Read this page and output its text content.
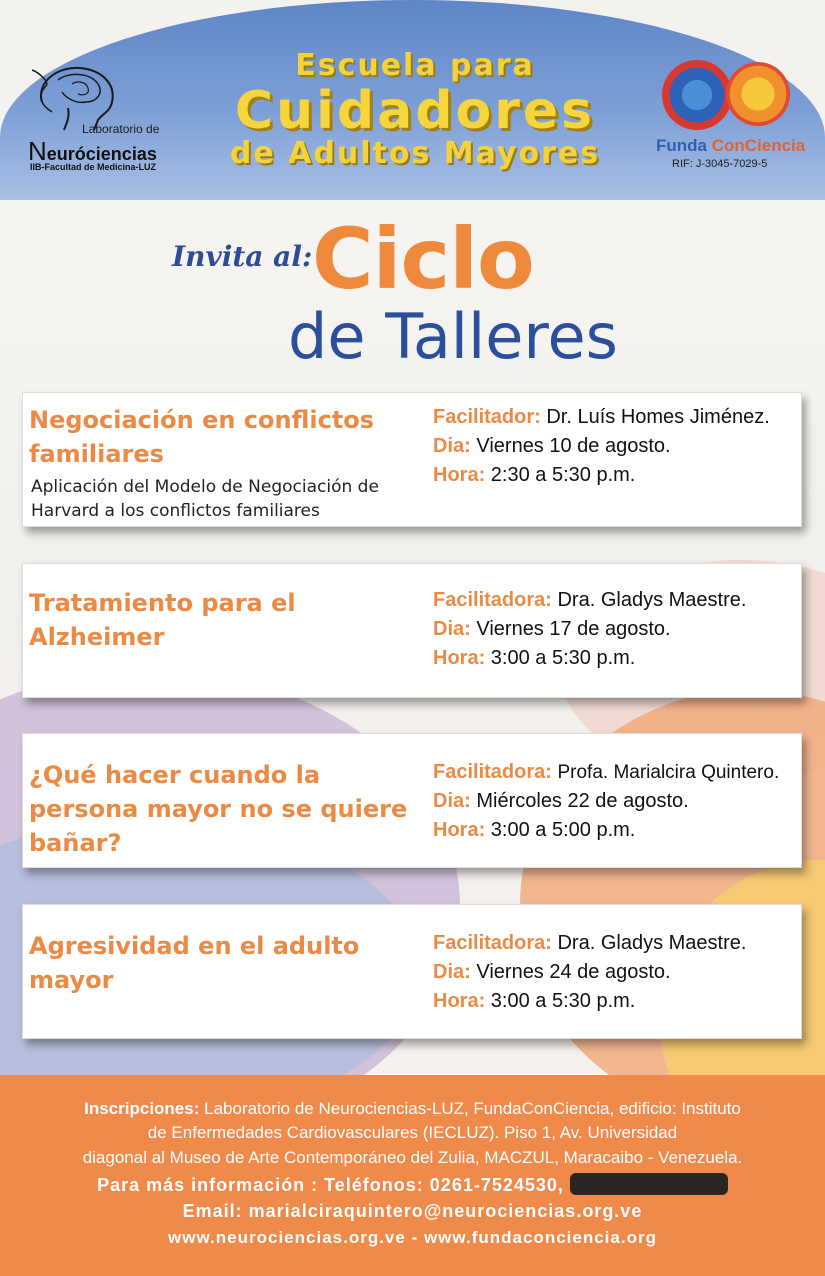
Laboratorio de
Neuróciencias
IIB-Facultad de Medicina-LUZ
Escuela para
Cuidadores
de Adultos Mayores	Funda ConCiencia
RIF: J-3045-7029-5
Invita al: Ciclo
de Talleres
Negociación en conflictos familiares
Aplicación del Modelo de Negociación de Harvard a los conflictos familiares
Facilitador: Dr. Luís Homes Jiménez.
Dia: Viernes 10 de agosto.
Hora: 2:30 a 5:30 p.m.
Tratamiento para el Alzheimer
Facilitadora: Dra. Gladys Maestre.
Dia: Viernes 17 de agosto.
Hora: 3:00 a 5:30 p.m.
¿Qué hacer cuando la persona mayor no se quiere bañar?
Facilitadora: Profa. Marialcira Quintero.
Dia: Miércoles 22 de agosto.
Hora: 3:00 a 5:00 p.m.
Agresividad en el adulto mayor
Facilitadora: Dra. Gladys Maestre.
Dia: Viernes 24 de agosto.
Hora: 3:00 a 5:30 p.m.
Inscripciones: Laboratorio de Neurociencias-LUZ, FundaConCiencia, edificio: Instituto
de Enfermedades Cardiovasculares (IECLUZ). Piso 1, Av. Universidad
diagonal al Museo de Arte Contemporáneo del Zulia, MACZUL, Maracaibo - Venezuela.
Para más información : Teléfonos: 0261-7524530,
Email: marialciraquintero@neurociencias.org.ve
www.neurociencias.org.ve - www.fundaconciencia.org
